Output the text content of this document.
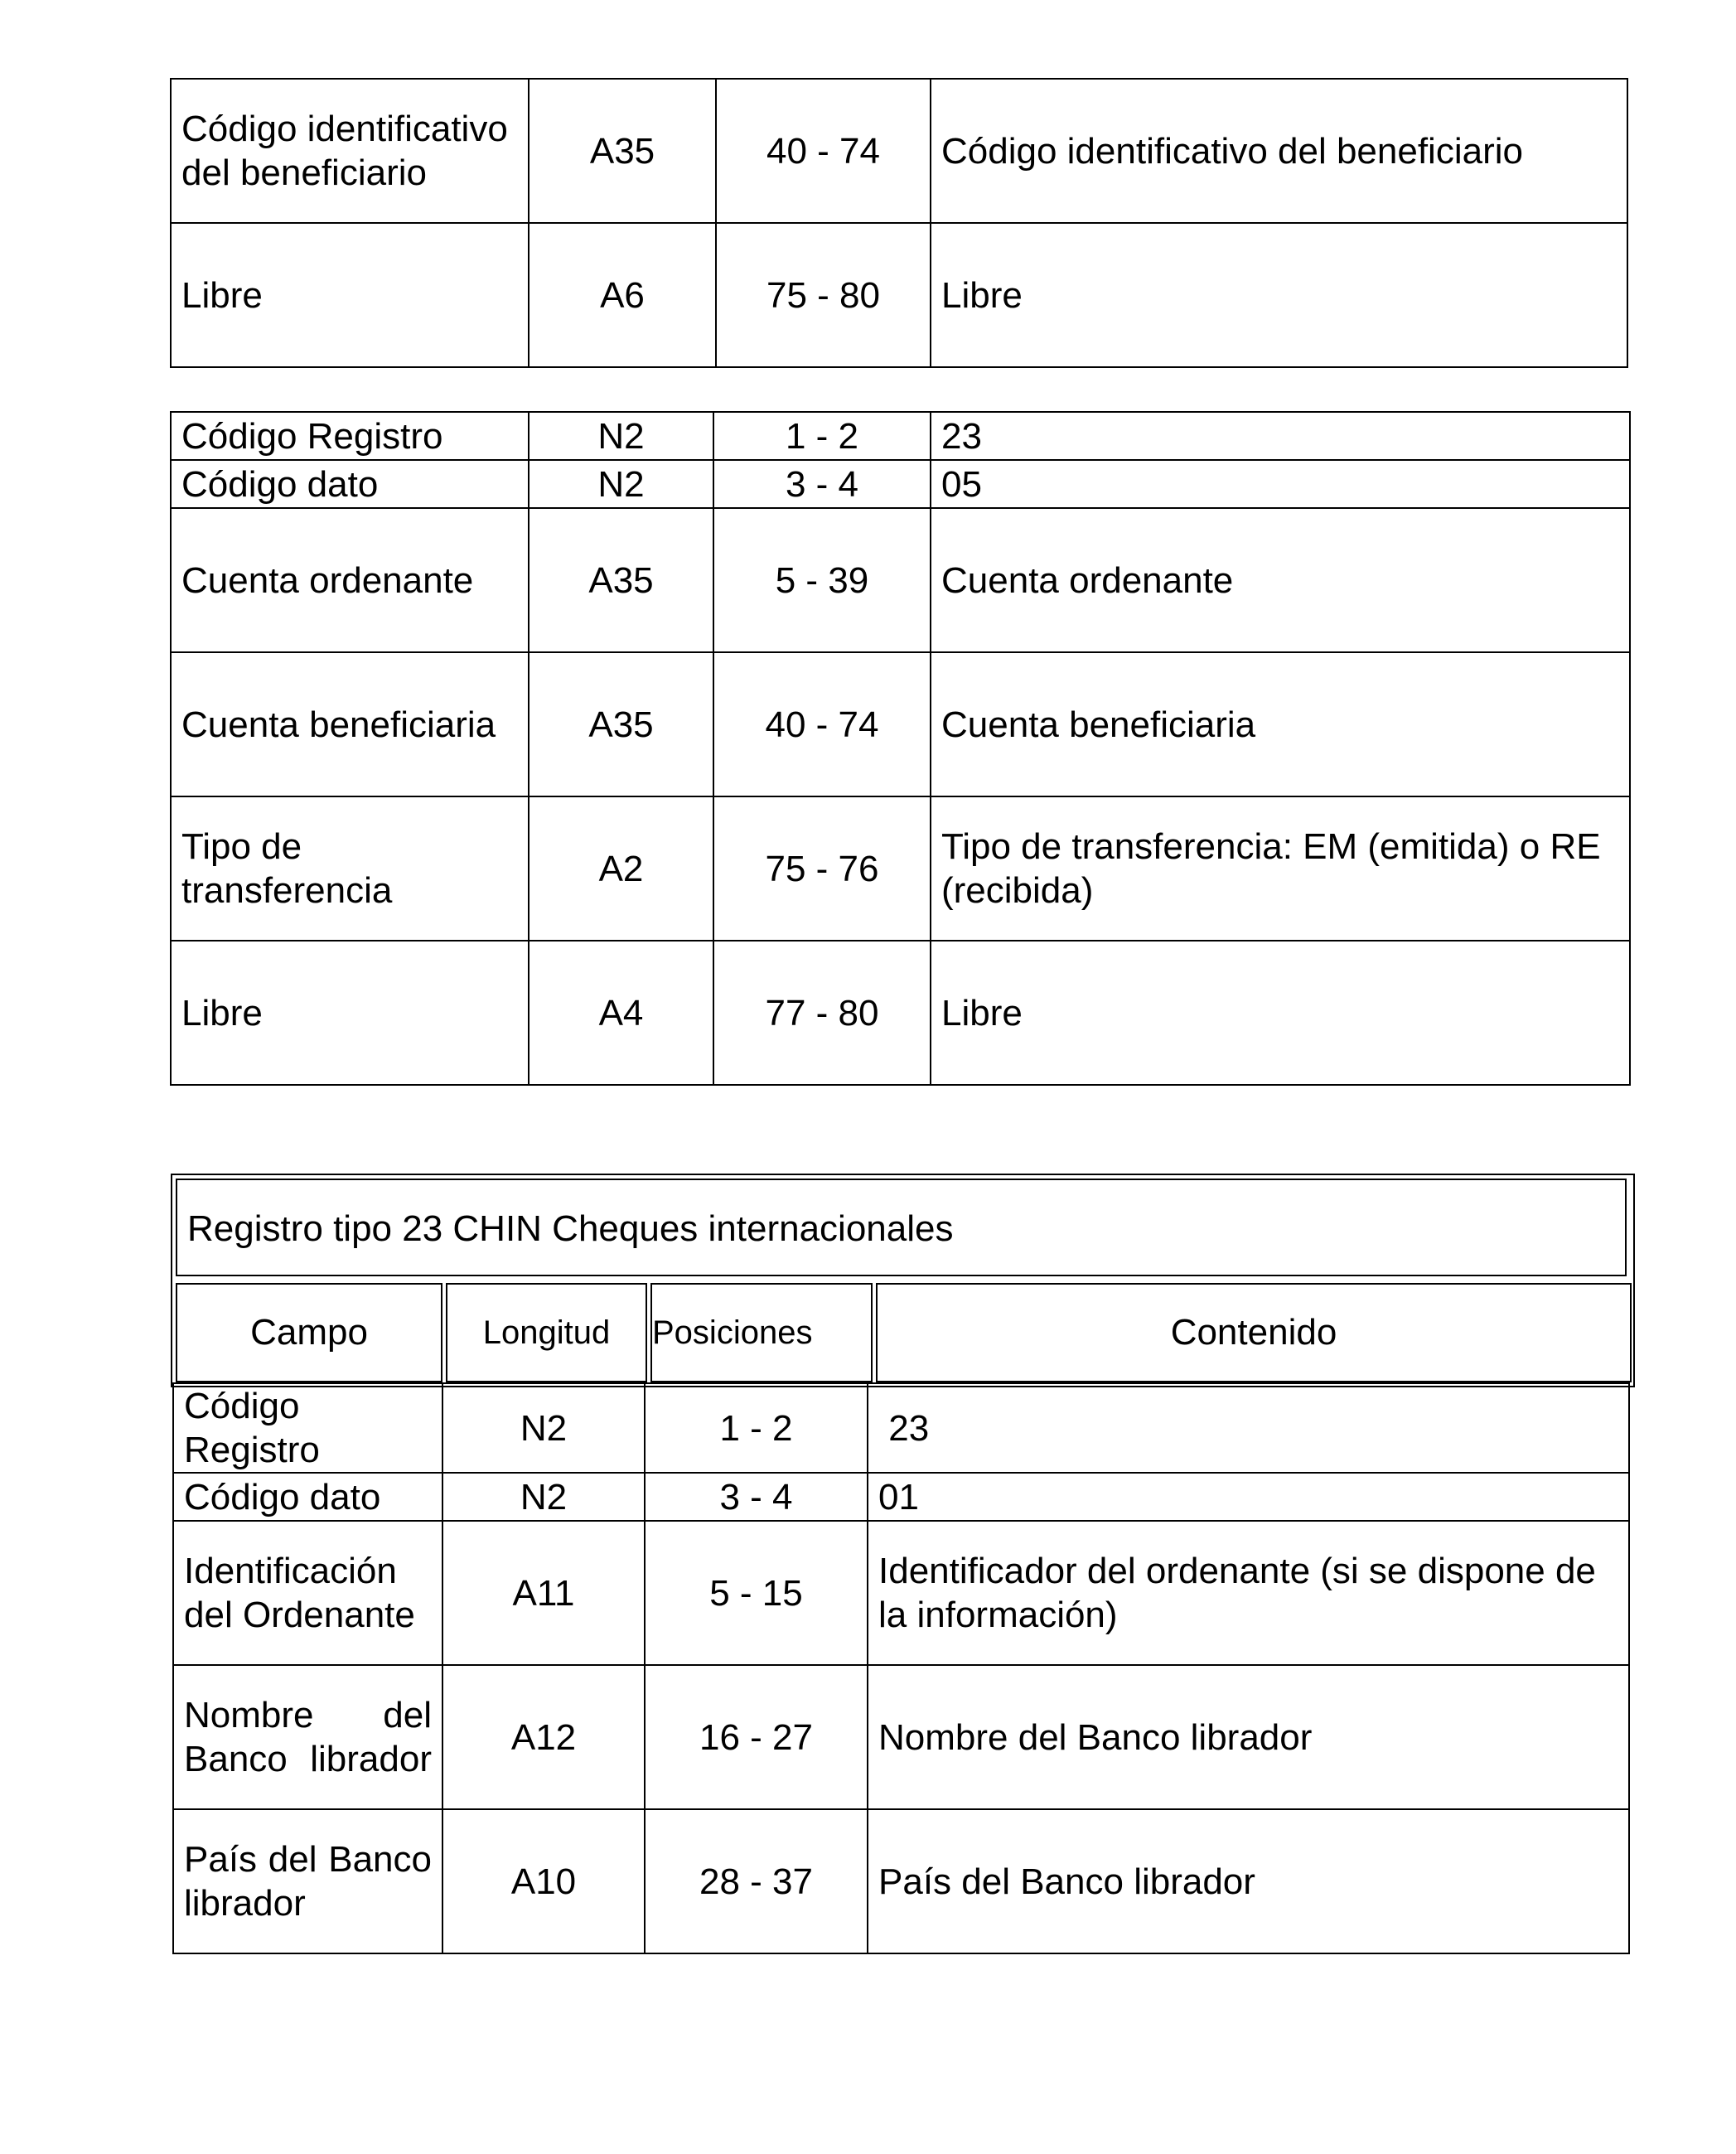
Código identificativo del beneficiario	A35	40 - 74	Código identificativo del beneficiario
Libre	A6	75 - 80	Libre
Código Registro	N2	1 - 2	23
Código dato	N2	3 - 4	05
Cuenta ordenante	A35	5 - 39	Cuenta ordenante
Cuenta beneficiaria	A35	40 - 74	Cuenta beneficiaria
Tipo de transferencia	A2	75 - 76	Tipo de transferencia: EM (emitida) o RE (recibida)
Libre	A4	77 - 80	Libre
Registro tipo 23 CHIN Cheques internacionales
Campo	Longitud	Posiciones	Contenido
Código Registro	N2	1 - 2	23
Código dato	N2	3 - 4	01
Identificación del Ordenante	A11	5 - 15	Identificador del ordenante (si se dispone de la información)
Nombre del Banco librador	A12	16 - 27	Nombre del Banco librador
País del Banco librador	A10	28 - 37	País del Banco librador
